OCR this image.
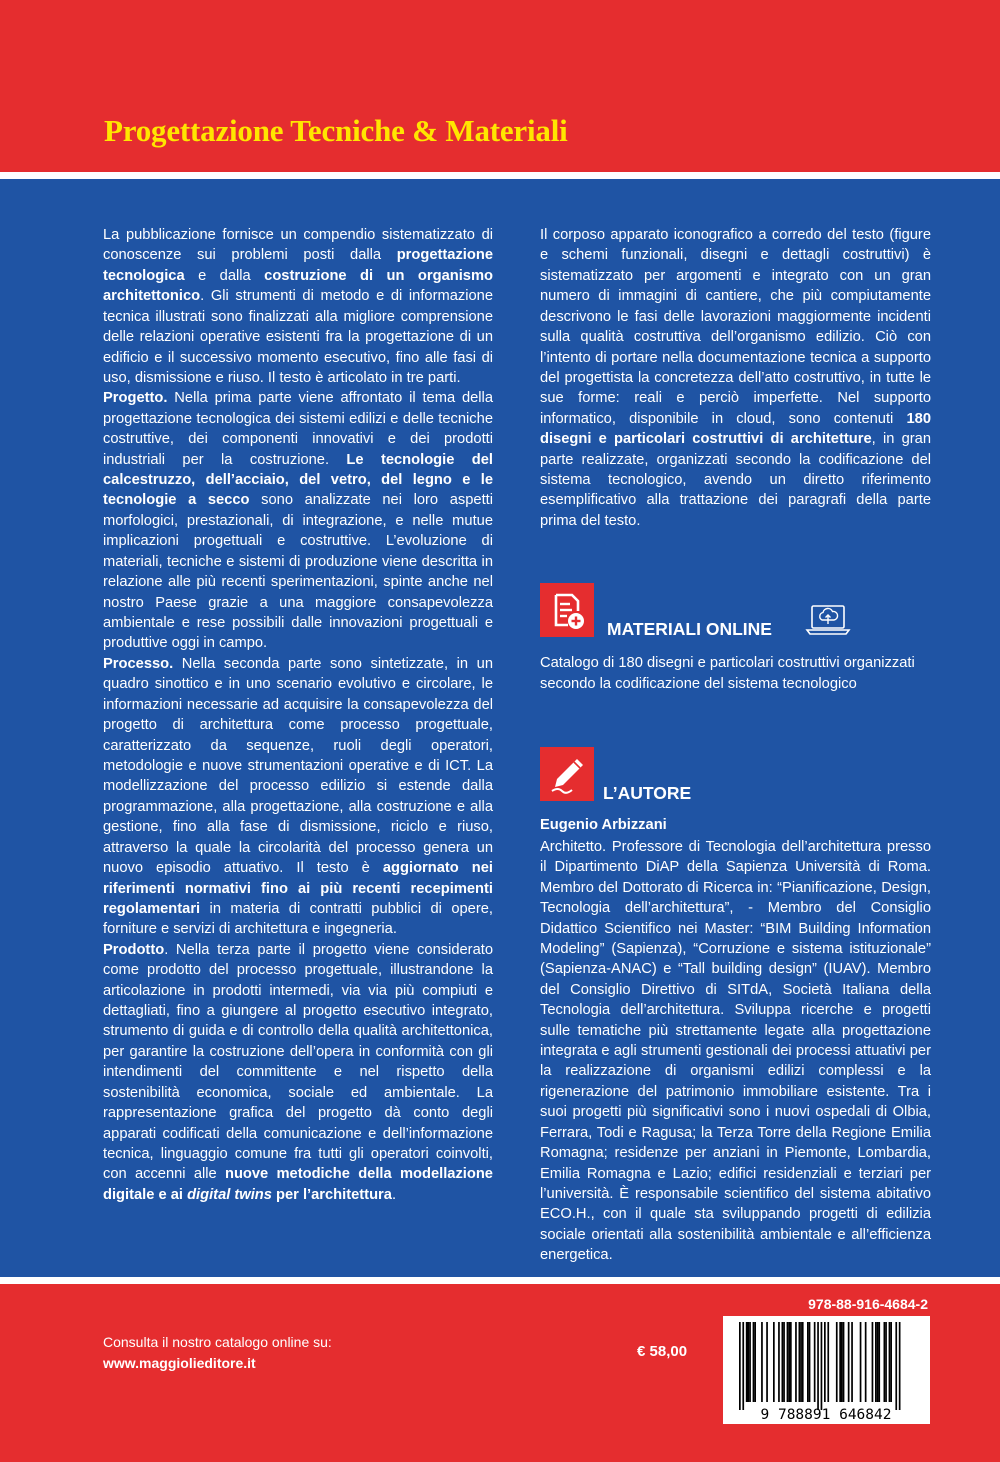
Progettazione Tecniche & Materiali

La pubblicazione fornisce un compendio sistematizzato di conoscenze sui problemi posti dalla progettazione tecnologica e dalla costruzione di un organismo architettonico. Gli strumenti di metodo e di informazione tecnica illustrati sono finalizzati alla migliore comprensione delle relazioni operative esistenti fra la progettazione di un edificio e il successivo momento esecutivo, fino alle fasi di uso, dismissione e riuso. Il testo è articolato in tre parti.

Progetto. Nella prima parte viene affrontato il tema della progettazione tecnologica dei sistemi edilizi e delle tecniche costruttive, dei componenti innovativi e dei prodotti industriali per la costruzione. Le tecnologie del calcestruzzo, dell’acciaio, del vetro, del legno e le tecnologie a secco sono analizzate nei loro aspetti morfologici, prestazionali, di integrazione, e nelle mutue implicazioni progettuali e costruttive. L’evoluzione di materiali, tecniche e sistemi di produzione viene descritta in relazione alle più recenti sperimentazioni, spinte anche nel nostro Paese grazie a una maggiore consapevolezza ambientale e rese possibili dalle innovazioni progettuali e produttive oggi in campo.

Processo. Nella seconda parte sono sintetizzate, in un quadro sinottico e in uno scenario evolutivo e circolare, le informazioni necessarie ad acquisire la consapevolezza del progetto di architettura come processo progettuale, caratterizzato da sequenze, ruoli degli operatori, metodologie e nuove strumentazioni operative e di ICT. La modellizzazione del processo edilizio si estende dalla programmazione, alla progettazione, alla costruzione e alla gestione, fino alla fase di dismissione, riciclo e riuso, attraverso la quale la circolarità del processo genera un nuovo episodio attuativo. Il testo è aggiornato nei riferimenti normativi fino ai più recenti recepimenti regolamentari in materia di contratti pubblici di opere, forniture e servizi di architettura e ingegneria.

Prodotto. Nella terza parte il progetto viene considerato come prodotto del processo progettuale, illustrandone la articolazione in prodotti intermedi, via via più compiuti e dettagliati, fino a giungere al progetto esecutivo integrato, strumento di guida e di controllo della qualità architettonica, per garantire la costruzione dell’opera in conformità con gli intendimenti del committente e nel rispetto della sostenibilità economica, sociale ed ambientale. La rappresentazione grafica del progetto dà conto degli apparati codificati della comunicazione e dell’informazione tecnica, linguaggio comune fra tutti gli operatori coinvolti, con accenni alle nuove metodiche della modellazione digitale e ai digital twins per l’architettura.

Il corposo apparato iconografico a corredo del testo (figure e schemi funzionali, disegni e dettagli costruttivi) è sistematizzato per argomenti e integrato con un gran numero di immagini di cantiere, che più compiutamente descrivono le fasi delle lavorazioni maggiormente incidenti sulla qualità costruttiva dell’organismo edilizio. Ciò con l’intento di portare nella documentazione tecnica a supporto del progettista la concretezza dell’atto costruttivo, in tutte le sue forme: reali e perciò imperfette. Nel supporto informatico, disponibile in cloud, sono contenuti 180 disegni e particolari costruttivi di architetture, in gran parte realizzate, organizzati secondo la codificazione del sistema tecnologico, avendo un diretto riferimento esemplificativo alla trattazione dei paragrafi della parte prima del testo.

MATERIALI ONLINE
Catalogo di 180 disegni e particolari costruttivi organizzati
secondo la codificazione del sistema tecnologico
L’AUTORE
Eugenio Arbizzani
Architetto. Professore di Tecnologia dell’architettura presso il Dipartimento DiAP della Sapienza Università di Roma. Membro del Dottorato di Ricerca in: “Pianificazione, Design, Tecnologia dell’architettura”, - Membro del Consiglio Didattico Scientifico nei Master: “BIM Building Information Modeling” (Sapienza), “Corruzione e sistema istituzionale” (Sapienza-ANAC) e “Tall building design” (IUAV). Membro del Consiglio Direttivo di SITdA, Società Italiana della Tecnologia dell’architettura. Sviluppa ricerche e progetti sulle tematiche più strettamente legate alla progettazione integrata e agli strumenti gestionali dei processi attuativi per la realizzazione di organismi edilizi complessi e la rigenerazione del patrimonio immobiliare esistente. Tra i suoi progetti più significativi sono i nuovi ospedali di Olbia, Ferrara, Todi e Ragusa; la Terza Torre della Regione Emilia Romagna; residenze per anziani in Piemonte, Lombardia, Emilia Romagna e Lazio; edifici residenziali e terziari per l’università. È responsabile scientifico del sistema abitativo ECO.H., con il quale sta sviluppando progetti di edilizia sociale orientati alla sostenibilità ambientale e all’efficienza energetica.
Consulta il nostro catalogo online su:
www.maggiolieditore.it
€ 58,00
978-88-916-4684-2
9 788891 646842
